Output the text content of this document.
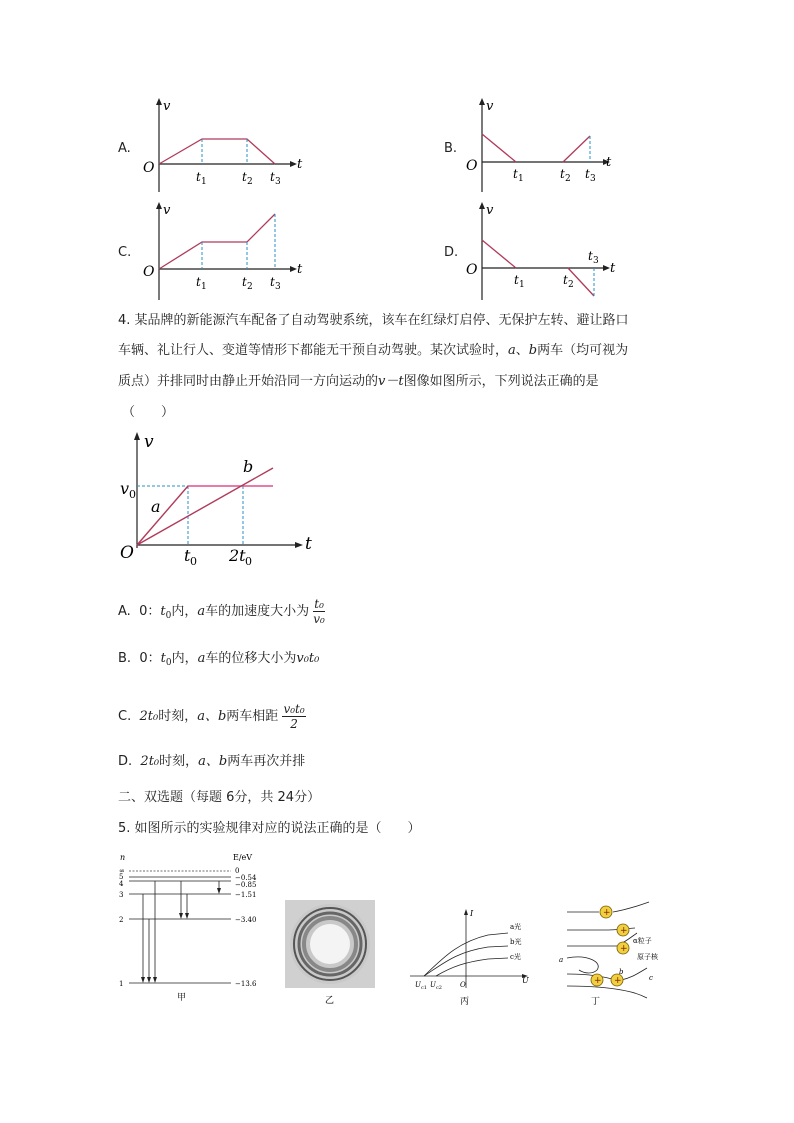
A.	B.
C.	D.
v
t
O
t 1	t 2 t 3
v
t
O	t 1	t 2 t 3
v
t
O
t 1	t 2 t 3
v
t
O
t 1	t 2
t 3
4. 某品牌的新能源汽车配备了自动驾驶系统，该车在红绿灯启停、无保护左转、避让路口
车辆、礼让行人、变道等情形下都能无干预自动驾驶。某次试验时，a、b两车（均可视为
质点）并排同时由静止开始沿同一方向运动的v－t图像如图所示，下列说法正确的是
（　　）
v
t
O
v 0
a
b
t 0 2t 0
A. 0：$t_0$内，a车的加速度大小为 $\frac{\text{t₀}}{\text{v₀}}$
B. 0：$t_0$内，a车的位移大小为v₀t₀
C. 2t₀时刻，a、b两车相距 $\frac{\text{v₀t₀}}{2}$
D. 2t₀时刻，a、b两车再次并排
二、双选题（每题 6分，共 24分）
5. 如图所示的实验规律对应的说法正确的是（　　）
n	E/eV
∞
5
4
3
2
1
0
−0.54
−0.85
−1.51
−3.40
−13.6
甲	乙
I
U
O
U c1 U c2
a光
b光
c光
丙
+
+
+
+ +
α粒子
原子核
a
b
c
丁
